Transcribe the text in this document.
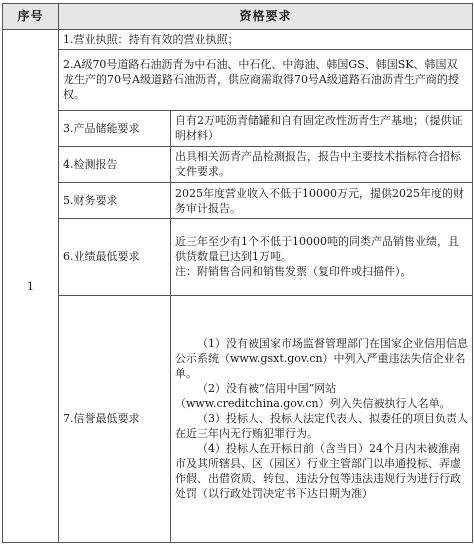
序号	资格要求	
1	1.营业执照：持有有效的营业执照；	
	2.A级70号道路石油沥青为中石油、中石化、中海油、韩国GS、韩国SK、韩国双龙生产的70号A级道路石油沥青，供应商需取得70号A级道路石油沥青生产商的授权。	
	3.产品储能要求	自有2万吨沥青储罐和自有固定改性沥青生产基地；（提供证明材料）
	4.检测报告	出具相关沥青产品检测报告，报告中主要技术指标符合招标文件要求。
	5.财务要求	2025年度营业收入不低于10000万元，提供2025年度的财务审计报告。
	6.业绩最低要求	近三年至少有1个不低于10000吨的同类产品销售业绩，且供货数量已达到1万吨。
注：附销售合同和销售发票（复印件或扫描件）。

	7.信誉最低要求	（1）没有被国家市场监督管理部门在国家企业信用信息公示系统（www.gsxt.gov.cn）中列入严重违法失信企业名单。
（2）没有被“信用中国”网站（www.creditchina.gov.cn）列入失信被执行人名单。
（3）投标人、投标人法定代表人、拟委任的项目负责人在近三年内无行贿犯罪行为。
（4）投标人在开标日前（含当日）24个月内未被淮南市及其所辖县、区（园区）行业主管部门以串通投标、弄虚作假、出借资质、转包、违法分包等违法违规行为进行行政处罚（以行政处罚决定书下达日期为准）
